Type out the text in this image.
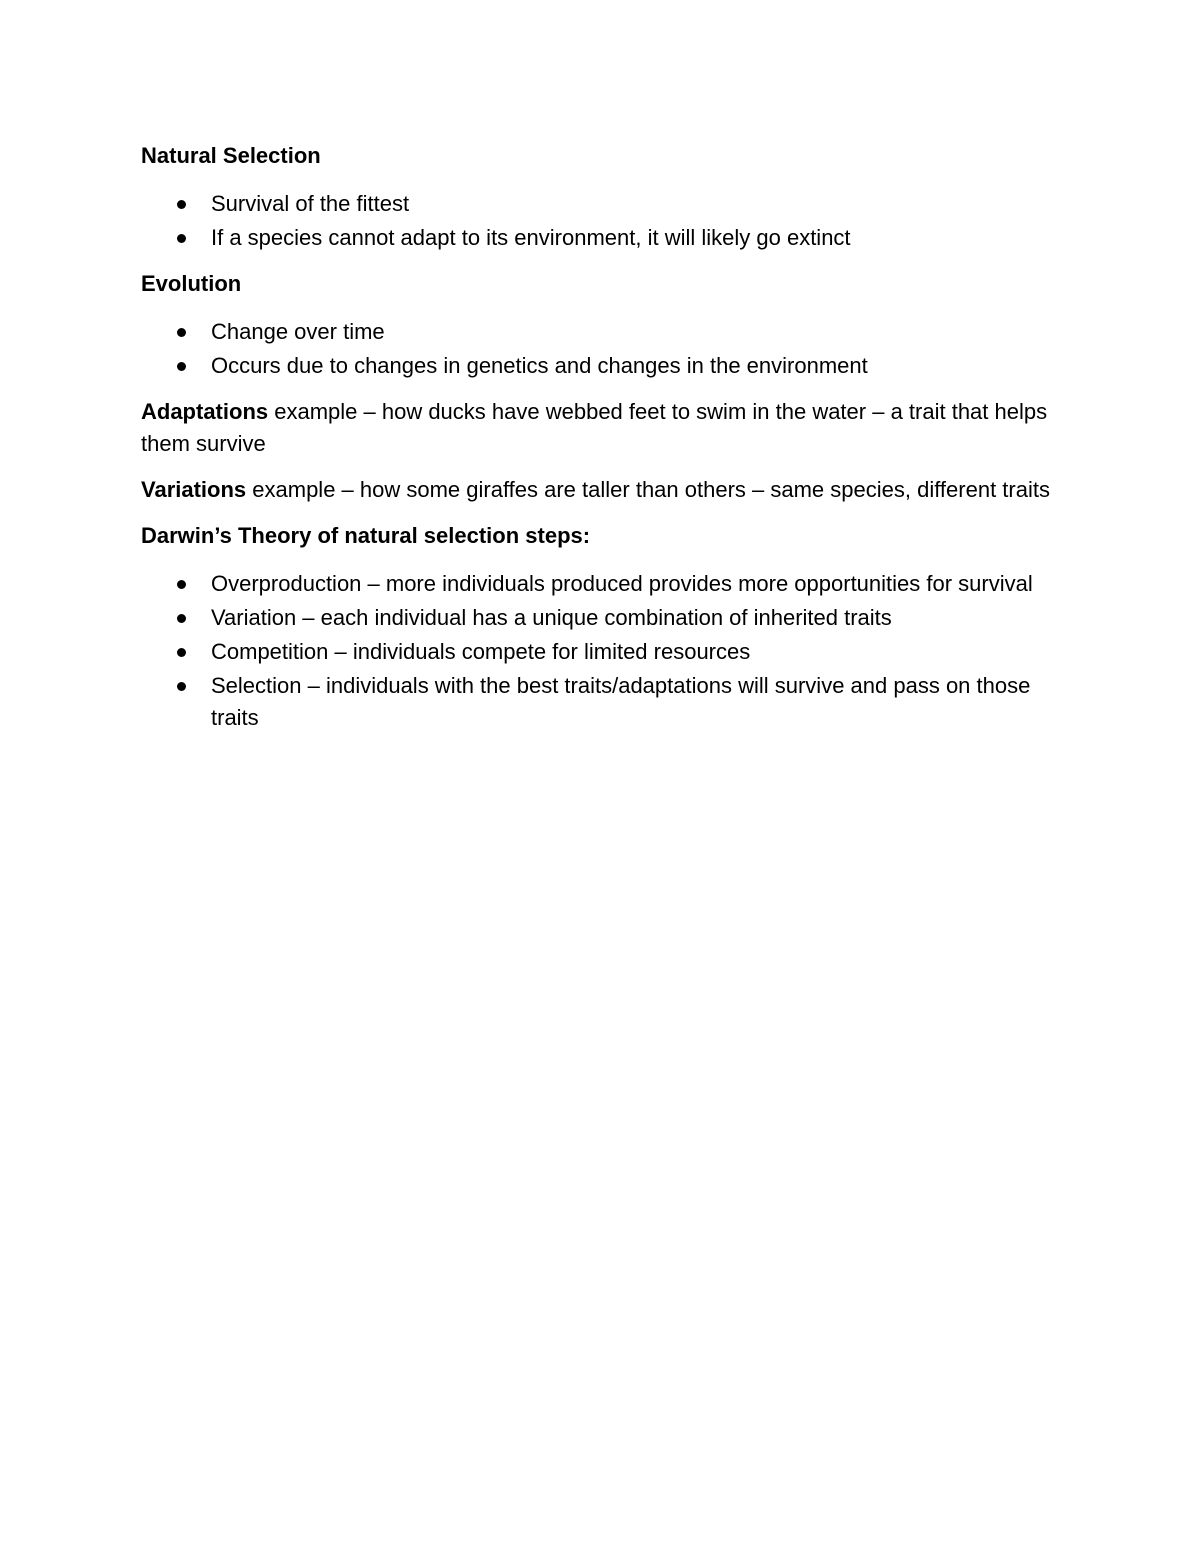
Natural Selection

Survival of the fittest
If a species cannot adapt to its environment, it will likely go extinct

Evolution

Change over time
Occurs due to changes in genetics and changes in the environment

Adaptations example – how ducks have webbed feet to swim in the water – a trait that helps them survive

Variations example – how some giraffes are taller than others – same species, different traits

Darwin’s Theory of natural selection steps:

Overproduction – more individuals produced provides more opportunities for survival
Variation – each individual has a unique combination of inherited traits
Competition – individuals compete for limited resources
Selection – individuals with the best traits/adaptations will survive and pass on those traits
